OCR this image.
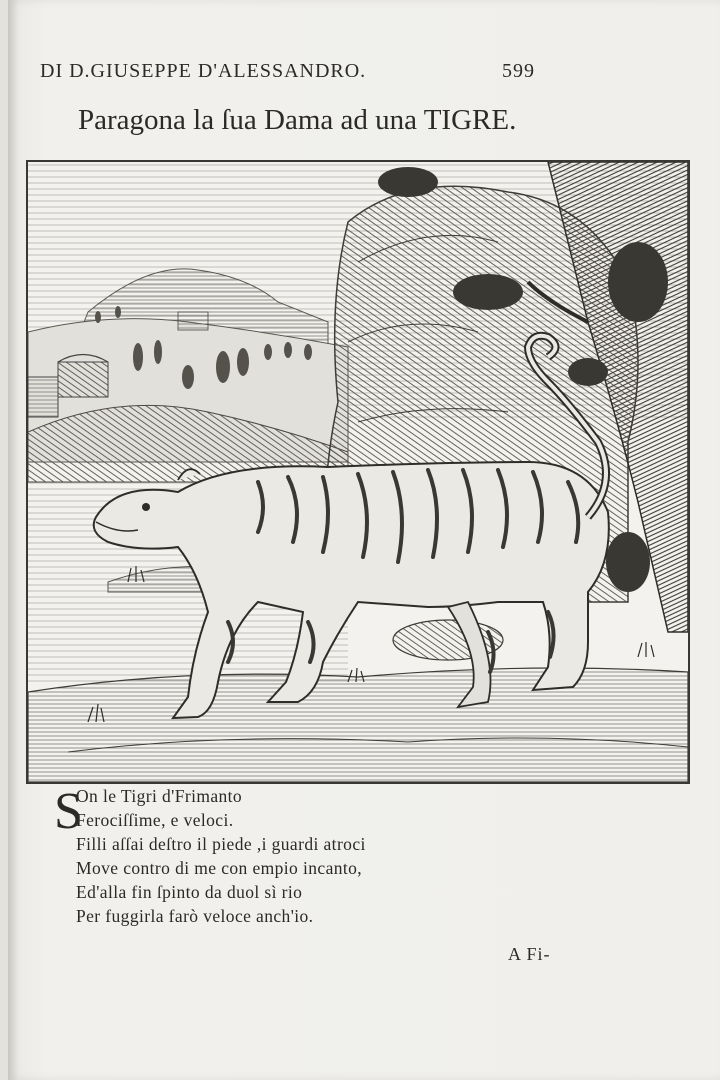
DI D.GIUSEPPE D'ALESSANDRO.	599
Paragona la ſua Dama ad una TIGRE.
S
On le Tigri d'Frimanto
Ferociſſime, e veloci.
Filli aſſai deſtro il piede ,i guardi atroci
Move contro di me con empio incanto,
Ed'alla fin ſpinto da duol sì rio
Per fuggirla farò veloce anch'io.
A Fi-
